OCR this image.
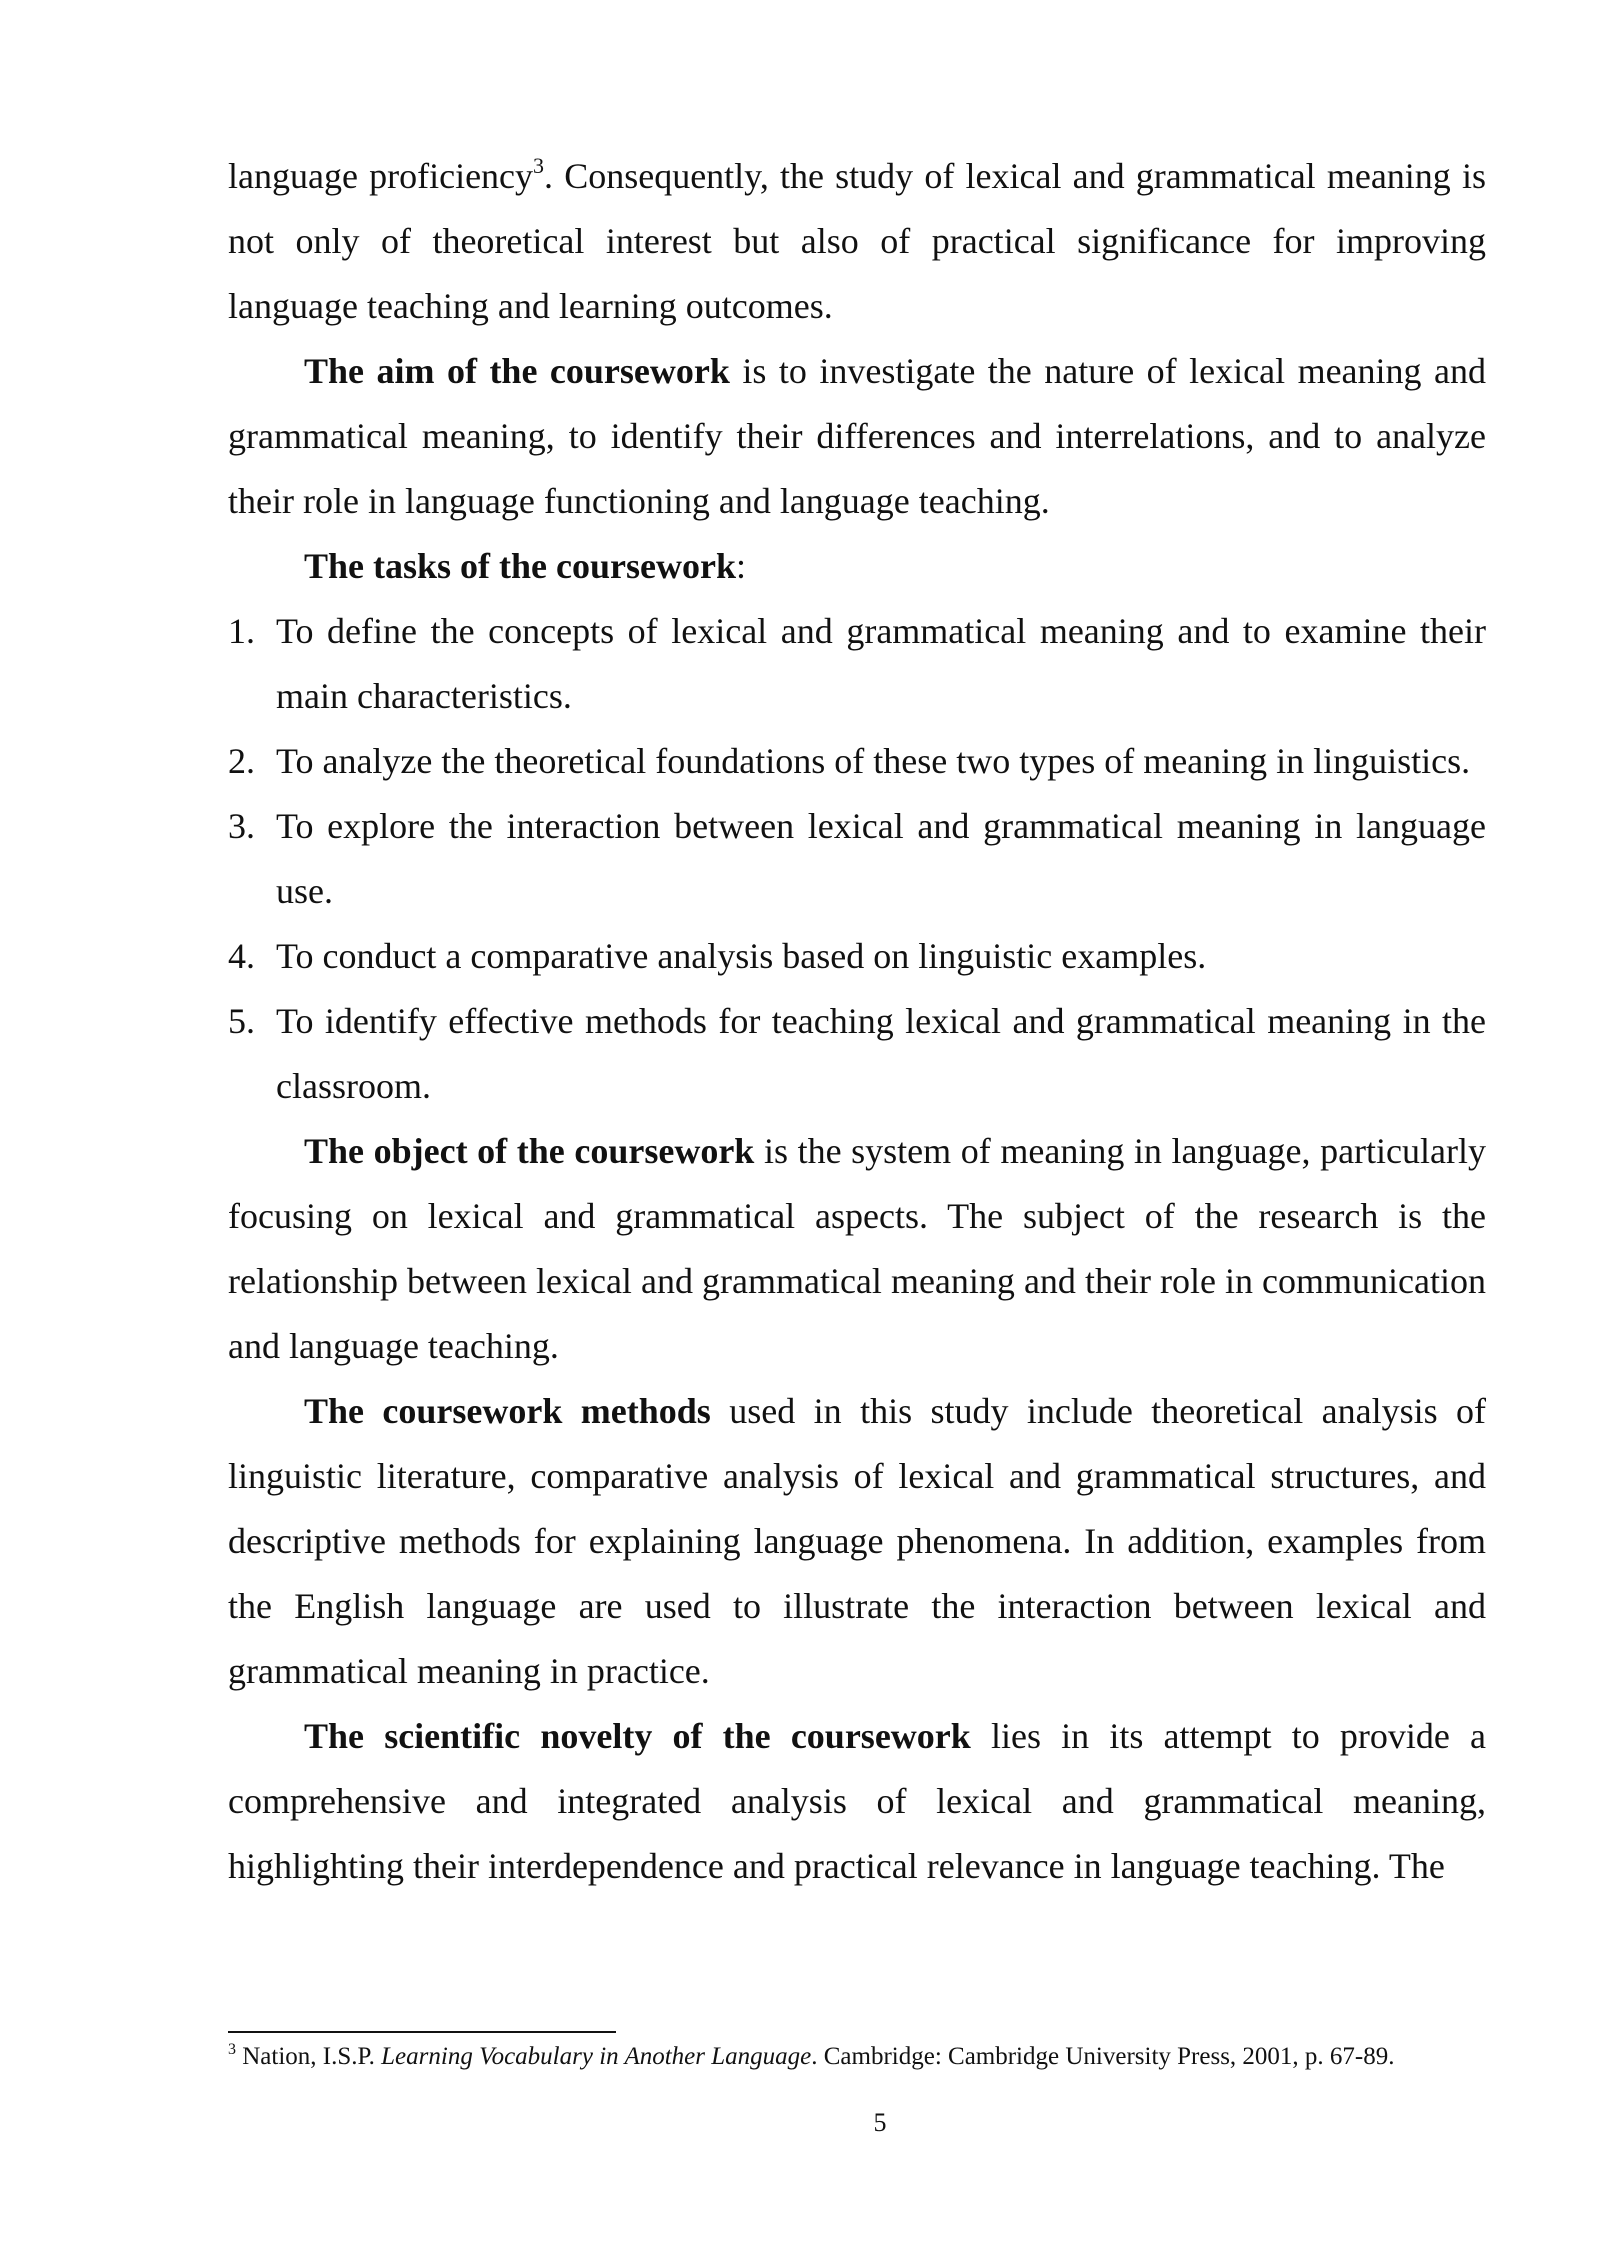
language proficiency$^3$. Consequently, the study of lexical and grammatical meaning is not only of theoretical interest but also of practical significance for improving language teaching and learning outcomes.

The aim of the coursework is to investigate the nature of lexical meaning and grammatical meaning, to identify their differences and interrelations, and to analyze their role in language functioning and language teaching.

The tasks of the coursework:

1. To define the concepts of lexical and grammatical meaning and to examine their main characteristics.
2. To analyze the theoretical foundations of these two types of meaning in linguistics.
3. To explore the interaction between lexical and grammatical meaning in language use.
4. To conduct a comparative analysis based on linguistic examples.
5. To identify effective methods for teaching lexical and grammatical meaning in the classroom.

The object of the coursework is the system of meaning in language, particularly focusing on lexical and grammatical aspects. The subject of the research is the relationship between lexical and grammatical meaning and their role in communication and language teaching.

The coursework methods used in this study include theoretical analysis of linguistic literature, comparative analysis of lexical and grammatical structures, and descriptive methods for explaining language phenomena. In addition, examples from the English language are used to illustrate the interaction between lexical and grammatical meaning in practice.

The scientific novelty of the coursework lies in its attempt to provide a comprehensive and integrated analysis of lexical and grammatical meaning, highlighting their interdependence and practical relevance in language teaching. The

$^3$ Nation, I.S.P. Learning Vocabulary in Another Language. Cambridge: Cambridge University Press, 2001, p. 67-89.
5
